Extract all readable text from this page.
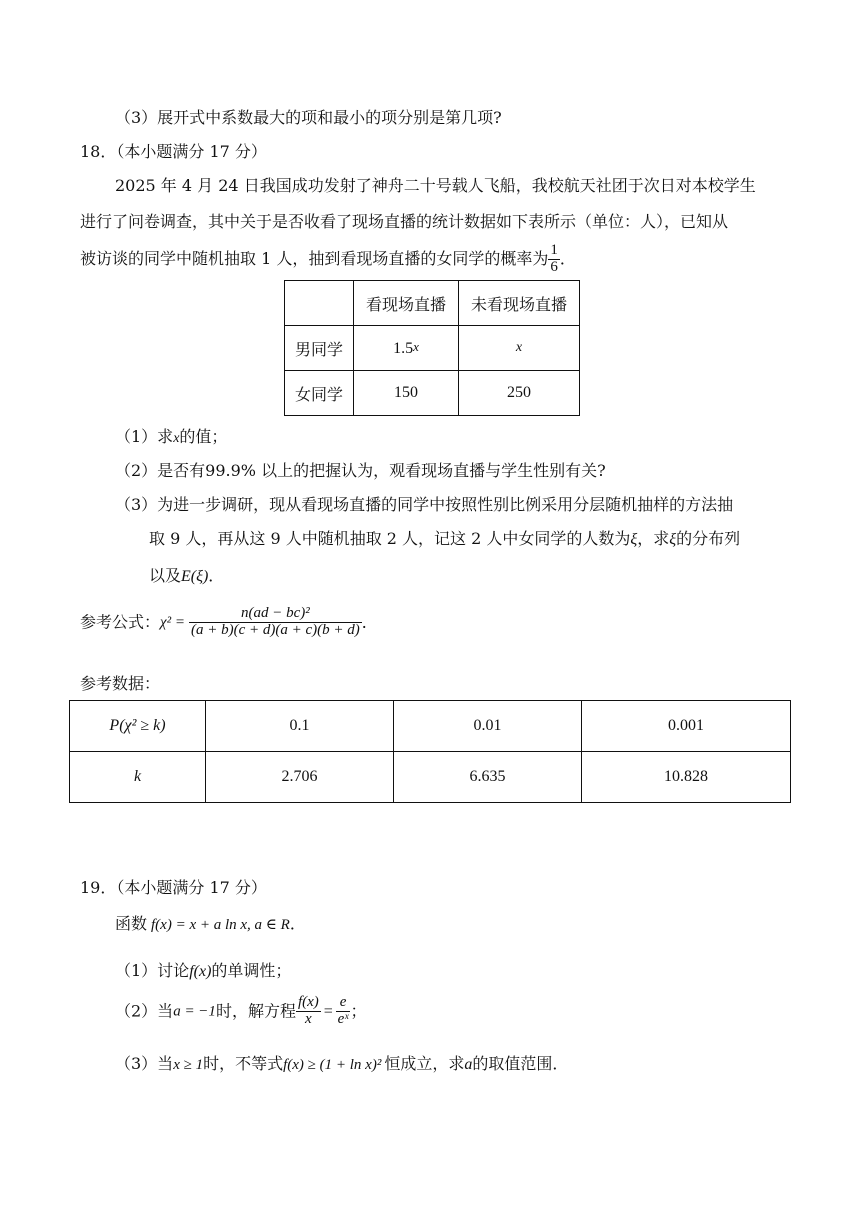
（3）展开式中系数最大的项和最小的项分别是第几项?
18．（本小题满分 17 分）
2025 年 4 月 24 日我国成功发射了神舟二十号载人飞船，我校航天社团于次日对本校学生
进行了问卷调查，其中关于是否收看了现场直播的统计数据如下表所示（单位：人），已知从
被访谈的同学中随机抽取 1 人，抽到看现场直播的女同学的概率为 $\frac{1}{6}$ ．
	看现场直播	未看现场直播
男同学	1.5x	x
女同学	150	250
（1）求x的值；
（2）是否有99.9% 以上的把握认为，观看现场直播与学生性别有关?
（3）为进一步调研，现从看现场直播的同学中按照性别比例采用分层随机抽样的方法抽
取 9 人，再从这 9 人中随机抽取 2 人，记这 2 人中女同学的人数为ξ，求ξ的分布列
以及E(ξ)．
参考公式：$\chi^2 = \frac{\text{n(ad − bc)²}}{(a + b)(c + d)(a + c)(b + d)}$ ．
参考数据：
P(χ² ≥ k)	0.1	0.01	0.001
k	2.706	6.635	10.828
19．（本小题满分 17 分）
函数 f(x) = x + a ln x, a ∈ R．
（1）讨论f(x)的单调性；
（2）当a = −1时，解方程 $\frac{f(x)}{x} = \frac{e}{\text{eˣ}}$ ；
（3）当x ≥ 1时，不等式f(x) ≥ (1 + ln x)² 恒成立，求a的取值范围．
